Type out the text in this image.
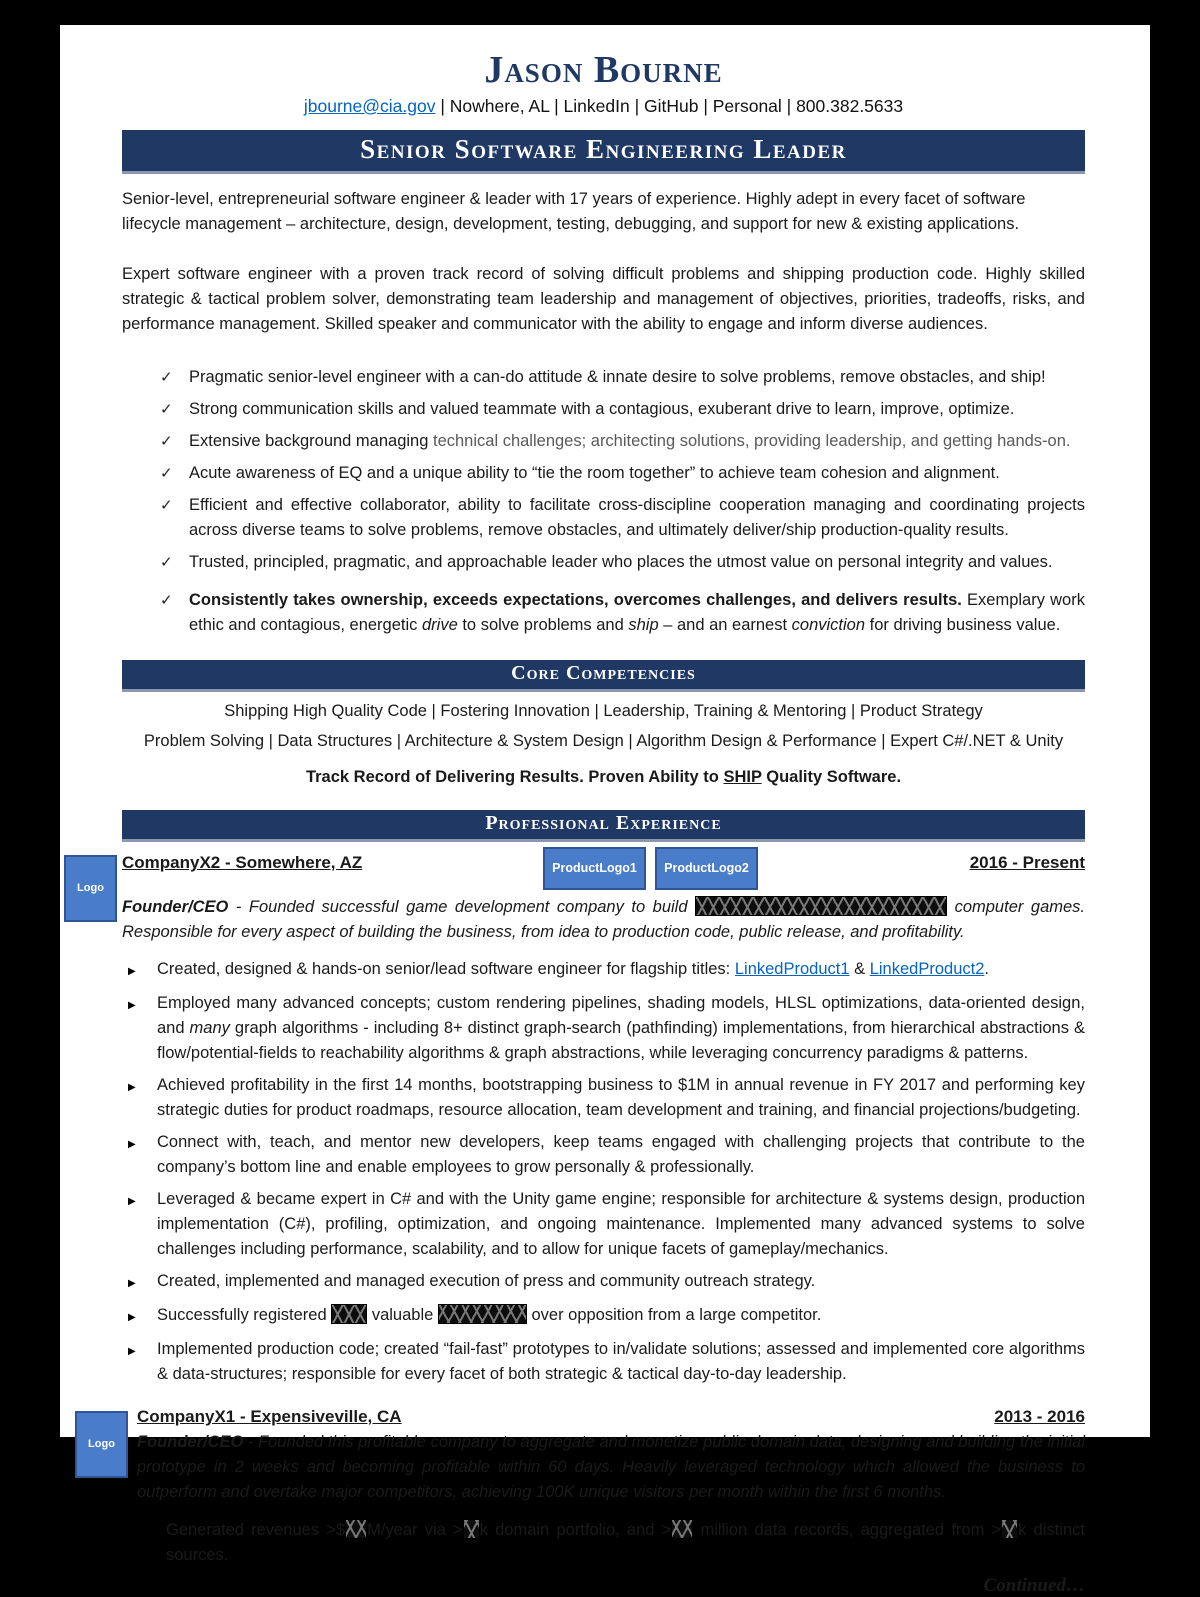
Jason Bourne
jbourne@cia.gov | Nowhere, AL | LinkedIn | GitHub | Personal | 800.382.5633
Senior Software Engineering Leader

Senior-level, entrepreneurial software engineer & leader with 17 years of experience. Highly adept in every facet of software lifecycle management – architecture, design, development, testing, debugging, and support for new & existing applications.

Expert software engineer with a proven track record of solving difficult problems and shipping production code. Highly skilled strategic & tactical problem solver, demonstrating team leadership and management of objectives, priorities, tradeoffs, risks, and performance management. Skilled speaker and communicator with the ability to engage and inform diverse audiences.

✓ Pragmatic senior-level engineer with a can-do attitude & innate desire to solve problems, remove obstacles, and ship!
✓ Strong communication skills and valued teammate with a contagious, exuberant drive to learn, improve, optimize.
✓ Extensive background managing technical challenges; architecting solutions, providing leadership, and getting hands-on.
✓ Acute awareness of EQ and a unique ability to “tie the room together” to achieve team cohesion and alignment.
✓ Efficient and effective collaborator, ability to facilitate cross-discipline cooperation managing and coordinating projects across diverse teams to solve problems, remove obstacles, and ultimately deliver/ship production-quality results.
✓ Trusted, principled, pragmatic, and approachable leader who places the utmost value on personal integrity and values.
✓ Consistently takes ownership, exceeds expectations, overcomes challenges, and delivers results. Exemplary work ethic and contagious, energetic drive to solve problems and ship – and an earnest conviction for driving business value.
Core Competencies
Shipping High Quality Code | Fostering Innovation | Leadership, Training & Mentoring | Product Strategy
Problem Solving | Data Structures | Architecture & System Design | Algorithm Design & Performance | Expert C#/.NET & Unity
Track Record of Delivering Results. Proven Ability to SHIP Quality Software.
Professional Experience
Logo
CompanyX2 - Somewhere, AZ	ProductLogo1	ProductLogo2	2016 - Present
Founder/CEO - Founded successful game development company to build	computer games. Responsible for every aspect of building the business, from idea to production code, public release, and profitability.
▶	Created, designed & hands-on senior/lead software engineer for flagship titles: LinkedProduct1 & LinkedProduct2.
▶	Employed many advanced concepts; custom rendering pipelines, shading models, HLSL optimizations, data-oriented design, and many graph algorithms - including 8+ distinct graph-search (pathfinding) implementations, from hierarchical abstractions & flow/potential-fields to reachability algorithms & graph abstractions, while leveraging concurrency paradigms & patterns.
▶	Achieved profitability in the first 14 months, bootstrapping business to $1M in annual revenue in FY 2017 and performing key strategic duties for product roadmaps, resource allocation, team development and training, and financial projections/budgeting.
▶	Connect with, teach, and mentor new developers, keep teams engaged with challenging projects that contribute to the company’s bottom line and enable employees to grow personally & professionally.
▶	Leveraged & became expert in C# and with the Unity game engine; responsible for architecture & systems design, production implementation (C#), profiling, optimization, and ongoing maintenance. Implemented many advanced systems to solve challenges including performance, scalability, and to allow for unique facets of gameplay/mechanics.
▶	Created, implemented and managed execution of press and community outreach strategy.
▶	Successfully registered  valuable	over opposition from a large competitor.
▶	Implemented production code; created “fail-fast” prototypes to in/validate solutions; assessed and implemented core algorithms & data-structures; responsible for every facet of both strategic & tactical day-to-day leadership.
Logo
CompanyX1 - Expensiveville, CA	2013 - 2016
Founder/CEO - Founded this profitable company to aggregate and monetize public domain data, designing and building the initial prototype in 2 weeks and becoming profitable within 60 days. Heavily leveraged technology which allowed the business to outperform and overtake major competitors, achieving 100K unique visitors per month within the first 6 months.
▶	Generated revenues >$ M/year via > k domain portfolio, and > million data records, aggregated from > k distinct sources.
Continued…
